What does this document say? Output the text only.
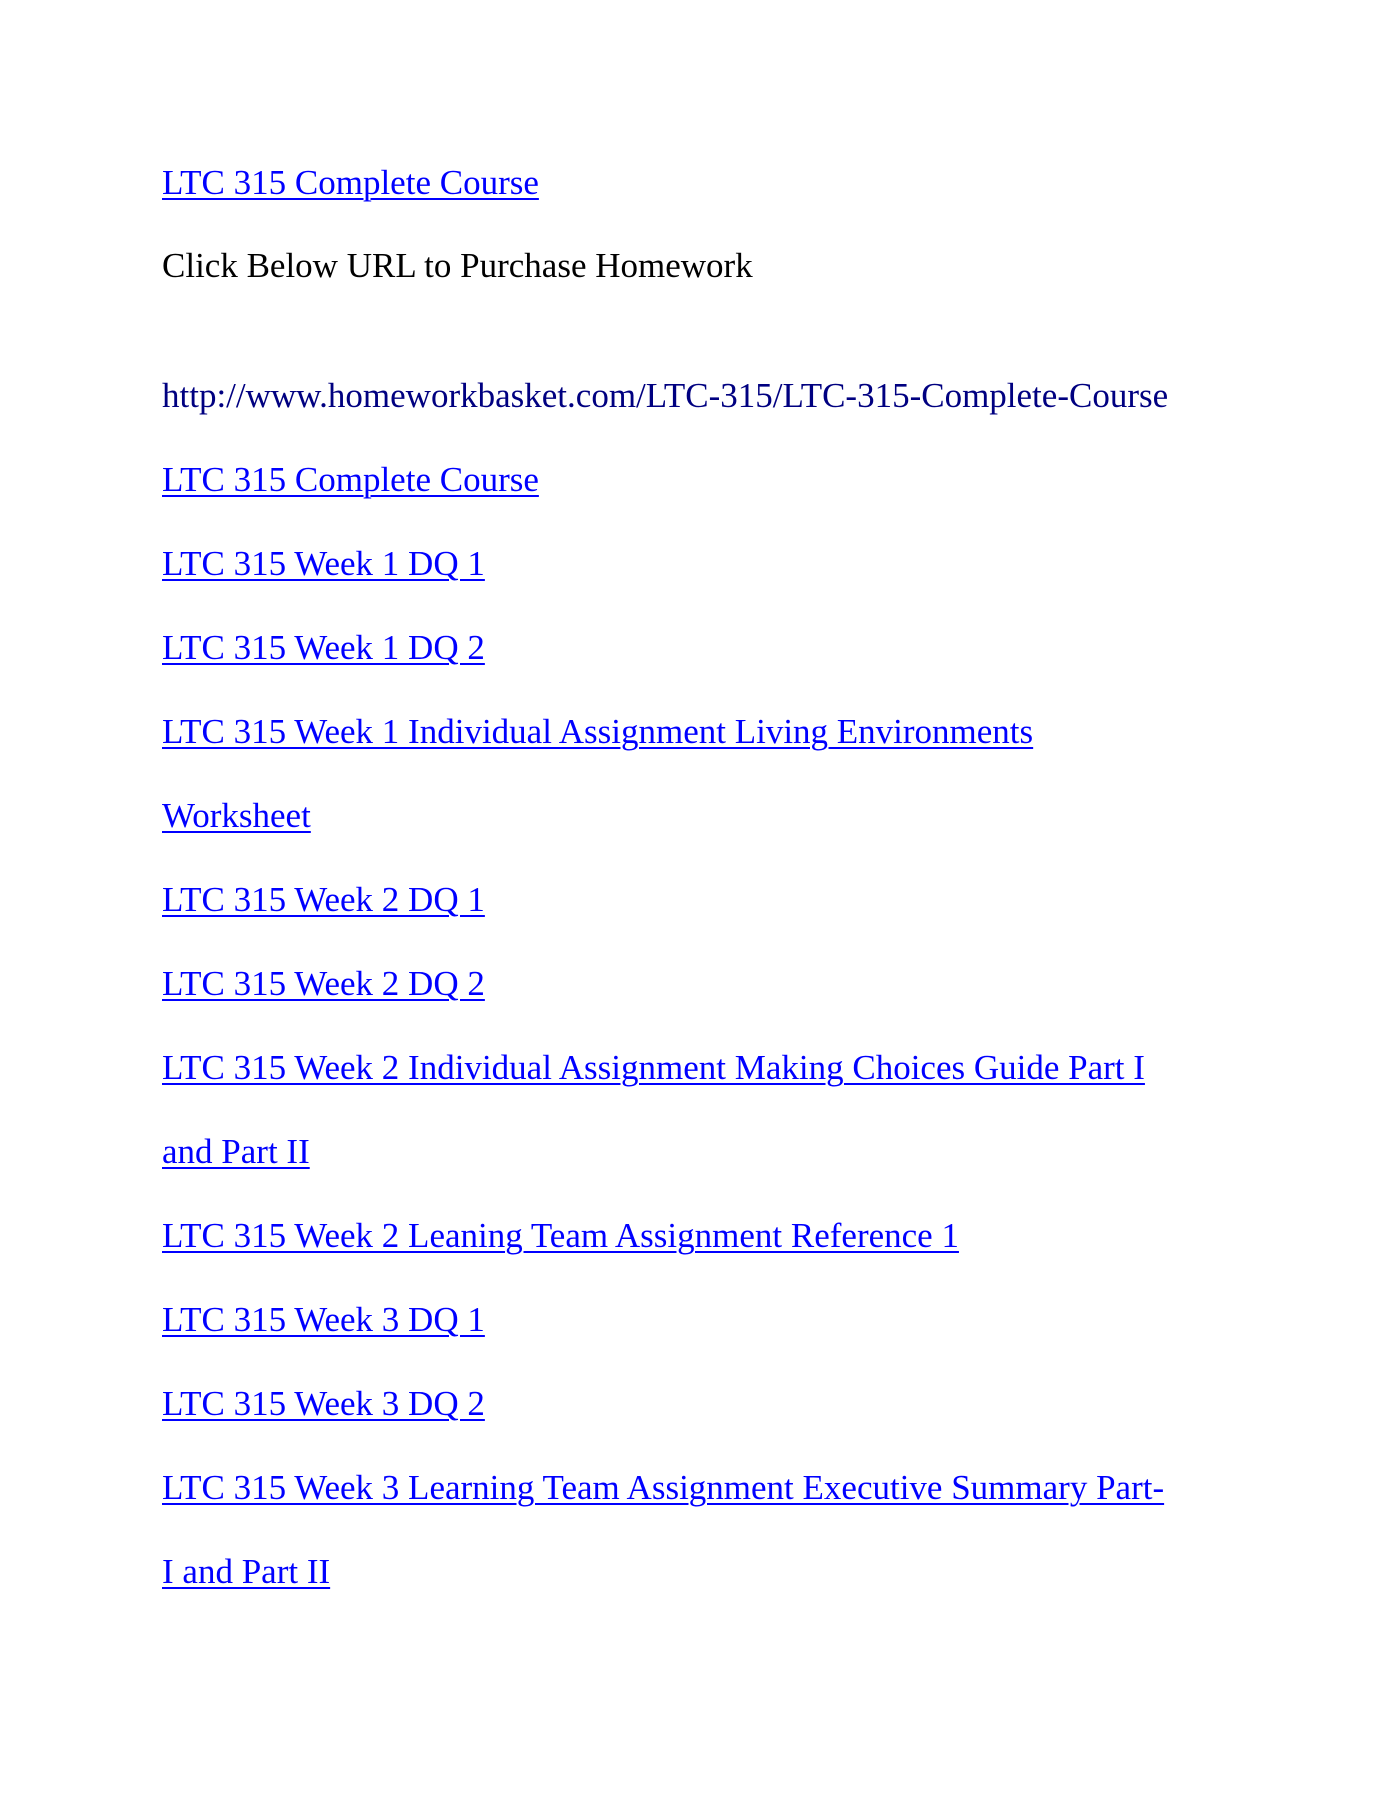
LTC 315 Complete Course
Click Below URL to Purchase Homework
http://www.homeworkbasket.com/LTC-315/LTC-315-Complete-Course
LTC 315 Complete Course
LTC 315 Week 1 DQ 1
LTC 315 Week 1 DQ 2
LTC 315 Week 1 Individual Assignment Living Environments
Worksheet
LTC 315 Week 2 DQ 1
LTC 315 Week 2 DQ 2
LTC 315 Week 2 Individual Assignment Making Choices Guide Part I
and Part II
LTC 315 Week 2 Leaning Team Assignment Reference 1
LTC 315 Week 3 DQ 1
LTC 315 Week 3 DQ 2
LTC 315 Week 3 Learning Team Assignment Executive Summary Part-
I and Part II
